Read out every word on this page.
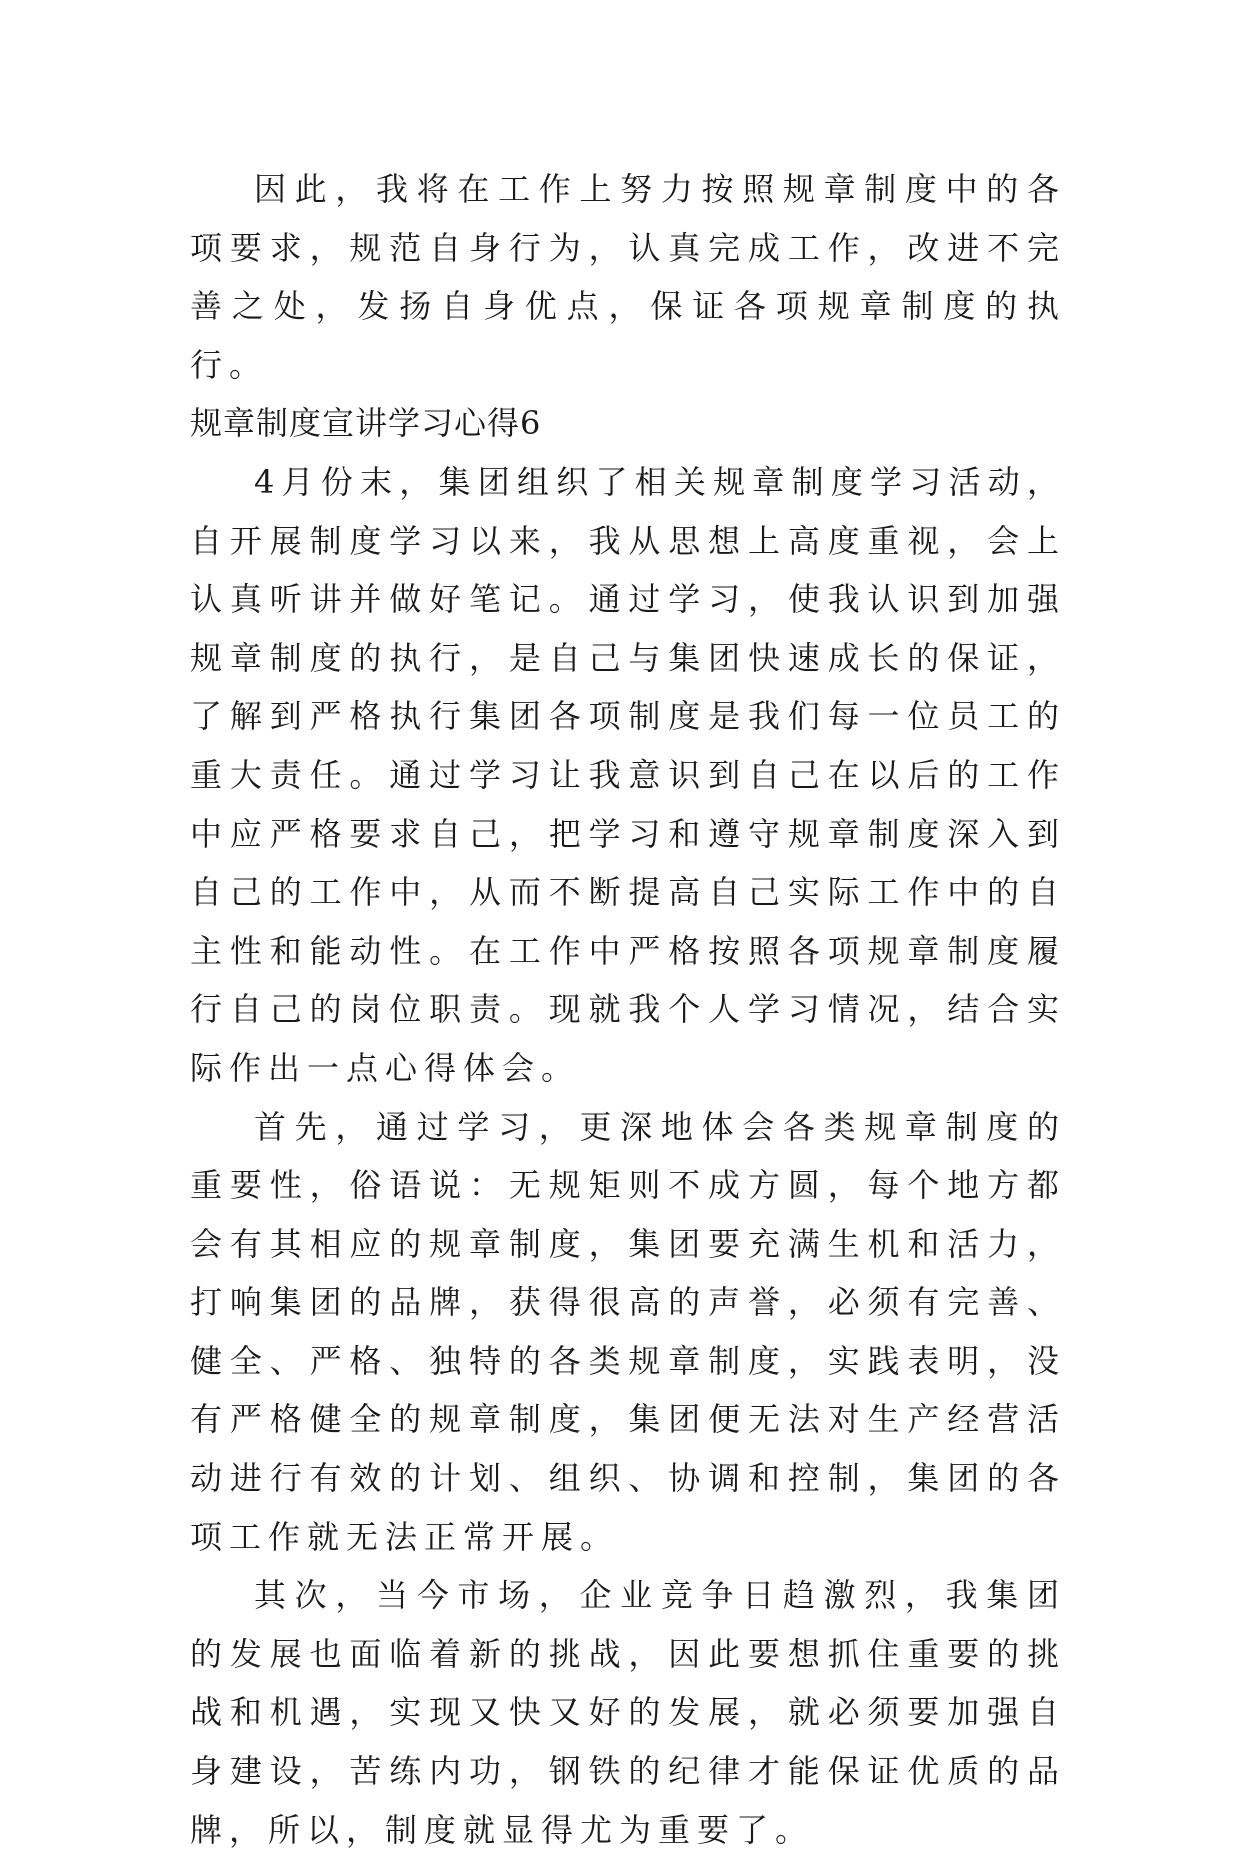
因此，我将在工作上努力按照规章制度中的各项要求，规范自身行为，认真完成工作，改进不完善之处，发扬自身优点，保证各项规章制度的执行。

规章制度宣讲学习心得6

4月份末，集团组织了相关规章制度学习活动，自开展制度学习以来，我从思想上高度重视，会上认真听讲并做好笔记。通过学习，使我认识到加强规章制度的执行，是自己与集团快速成长的保证，了解到严格执行集团各项制度是我们每一位员工的重大责任。通过学习让我意识到自己在以后的工作中应严格要求自己，把学习和遵守规章制度深入到自己的工作中，从而不断提高自己实际工作中的自主性和能动性。在工作中严格按照各项规章制度履行自己的岗位职责。现就我个人学习情况，结合实际作出一点心得体会。

首先，通过学习，更深地体会各类规章制度的重要性，俗语说：无规矩则不成方圆，每个地方都会有其相应的规章制度，集团要充满生机和活力，打响集团的品牌，获得很高的声誉，必须有完善、健全、严格、独特的各类规章制度，实践表明，没有严格健全的规章制度，集团便无法对生产经营活动进行有效的计划、组织、协调和控制，集团的各项工作就无法正常开展。

其次，当今市场，企业竞争日趋激烈，我集团的发展也面临着新的挑战，因此要想抓住重要的挑战和机遇，实现又快又好的发展，就必须要加强自身建设，苦练内功，钢铁的纪律才能保证优质的品牌，所以，制度就显得尤为重要了。
